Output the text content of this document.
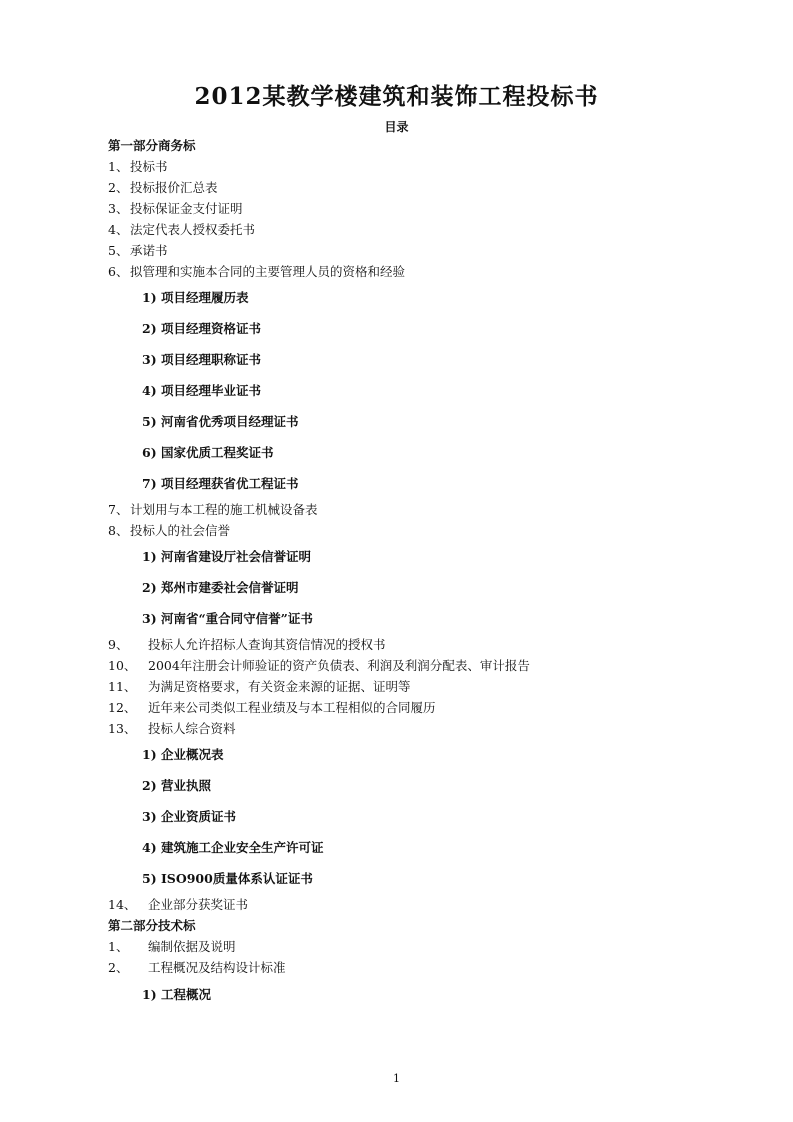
2012某教学楼建筑和装饰工程投标书
目录
第一部分商务标
1、 投标书
2、 投标报价汇总表
3、 投标保证金支付证明
4、 法定代表人授权委托书
5、 承诺书
6、 拟管理和实施本合同的主要管理人员的资格和经验
1) 项目经理履历表
2) 项目经理资格证书
3) 项目经理职称证书
4) 项目经理毕业证书
5) 河南省优秀项目经理证书
6) 国家优质工程奖证书
7) 项目经理获省优工程证书
7、 计划用与本工程的施工机械设备表
8、 投标人的社会信誉
1) 河南省建设厅社会信誉证明
2) 郑州市建委社会信誉证明
3) 河南省“重合同守信誉”证书
9、 投标人允许招标人查询其资信情况的授权书
10、 2004年注册会计师验证的资产负债表、利润及利润分配表、审计报告
11、 为满足资格要求，有关资金来源的证据、证明等
12、 近年来公司类似工程业绩及与本工程相似的合同履历
13、 投标人综合资料
1) 企业概况表
2) 营业执照
3) 企业资质证书
4) 建筑施工企业安全生产许可证
5) ISO900质量体系认证证书
14、 企业部分获奖证书
第二部分技术标
1、 编制依据及说明
2、 工程概况及结构设计标准
1) 工程概况
1
